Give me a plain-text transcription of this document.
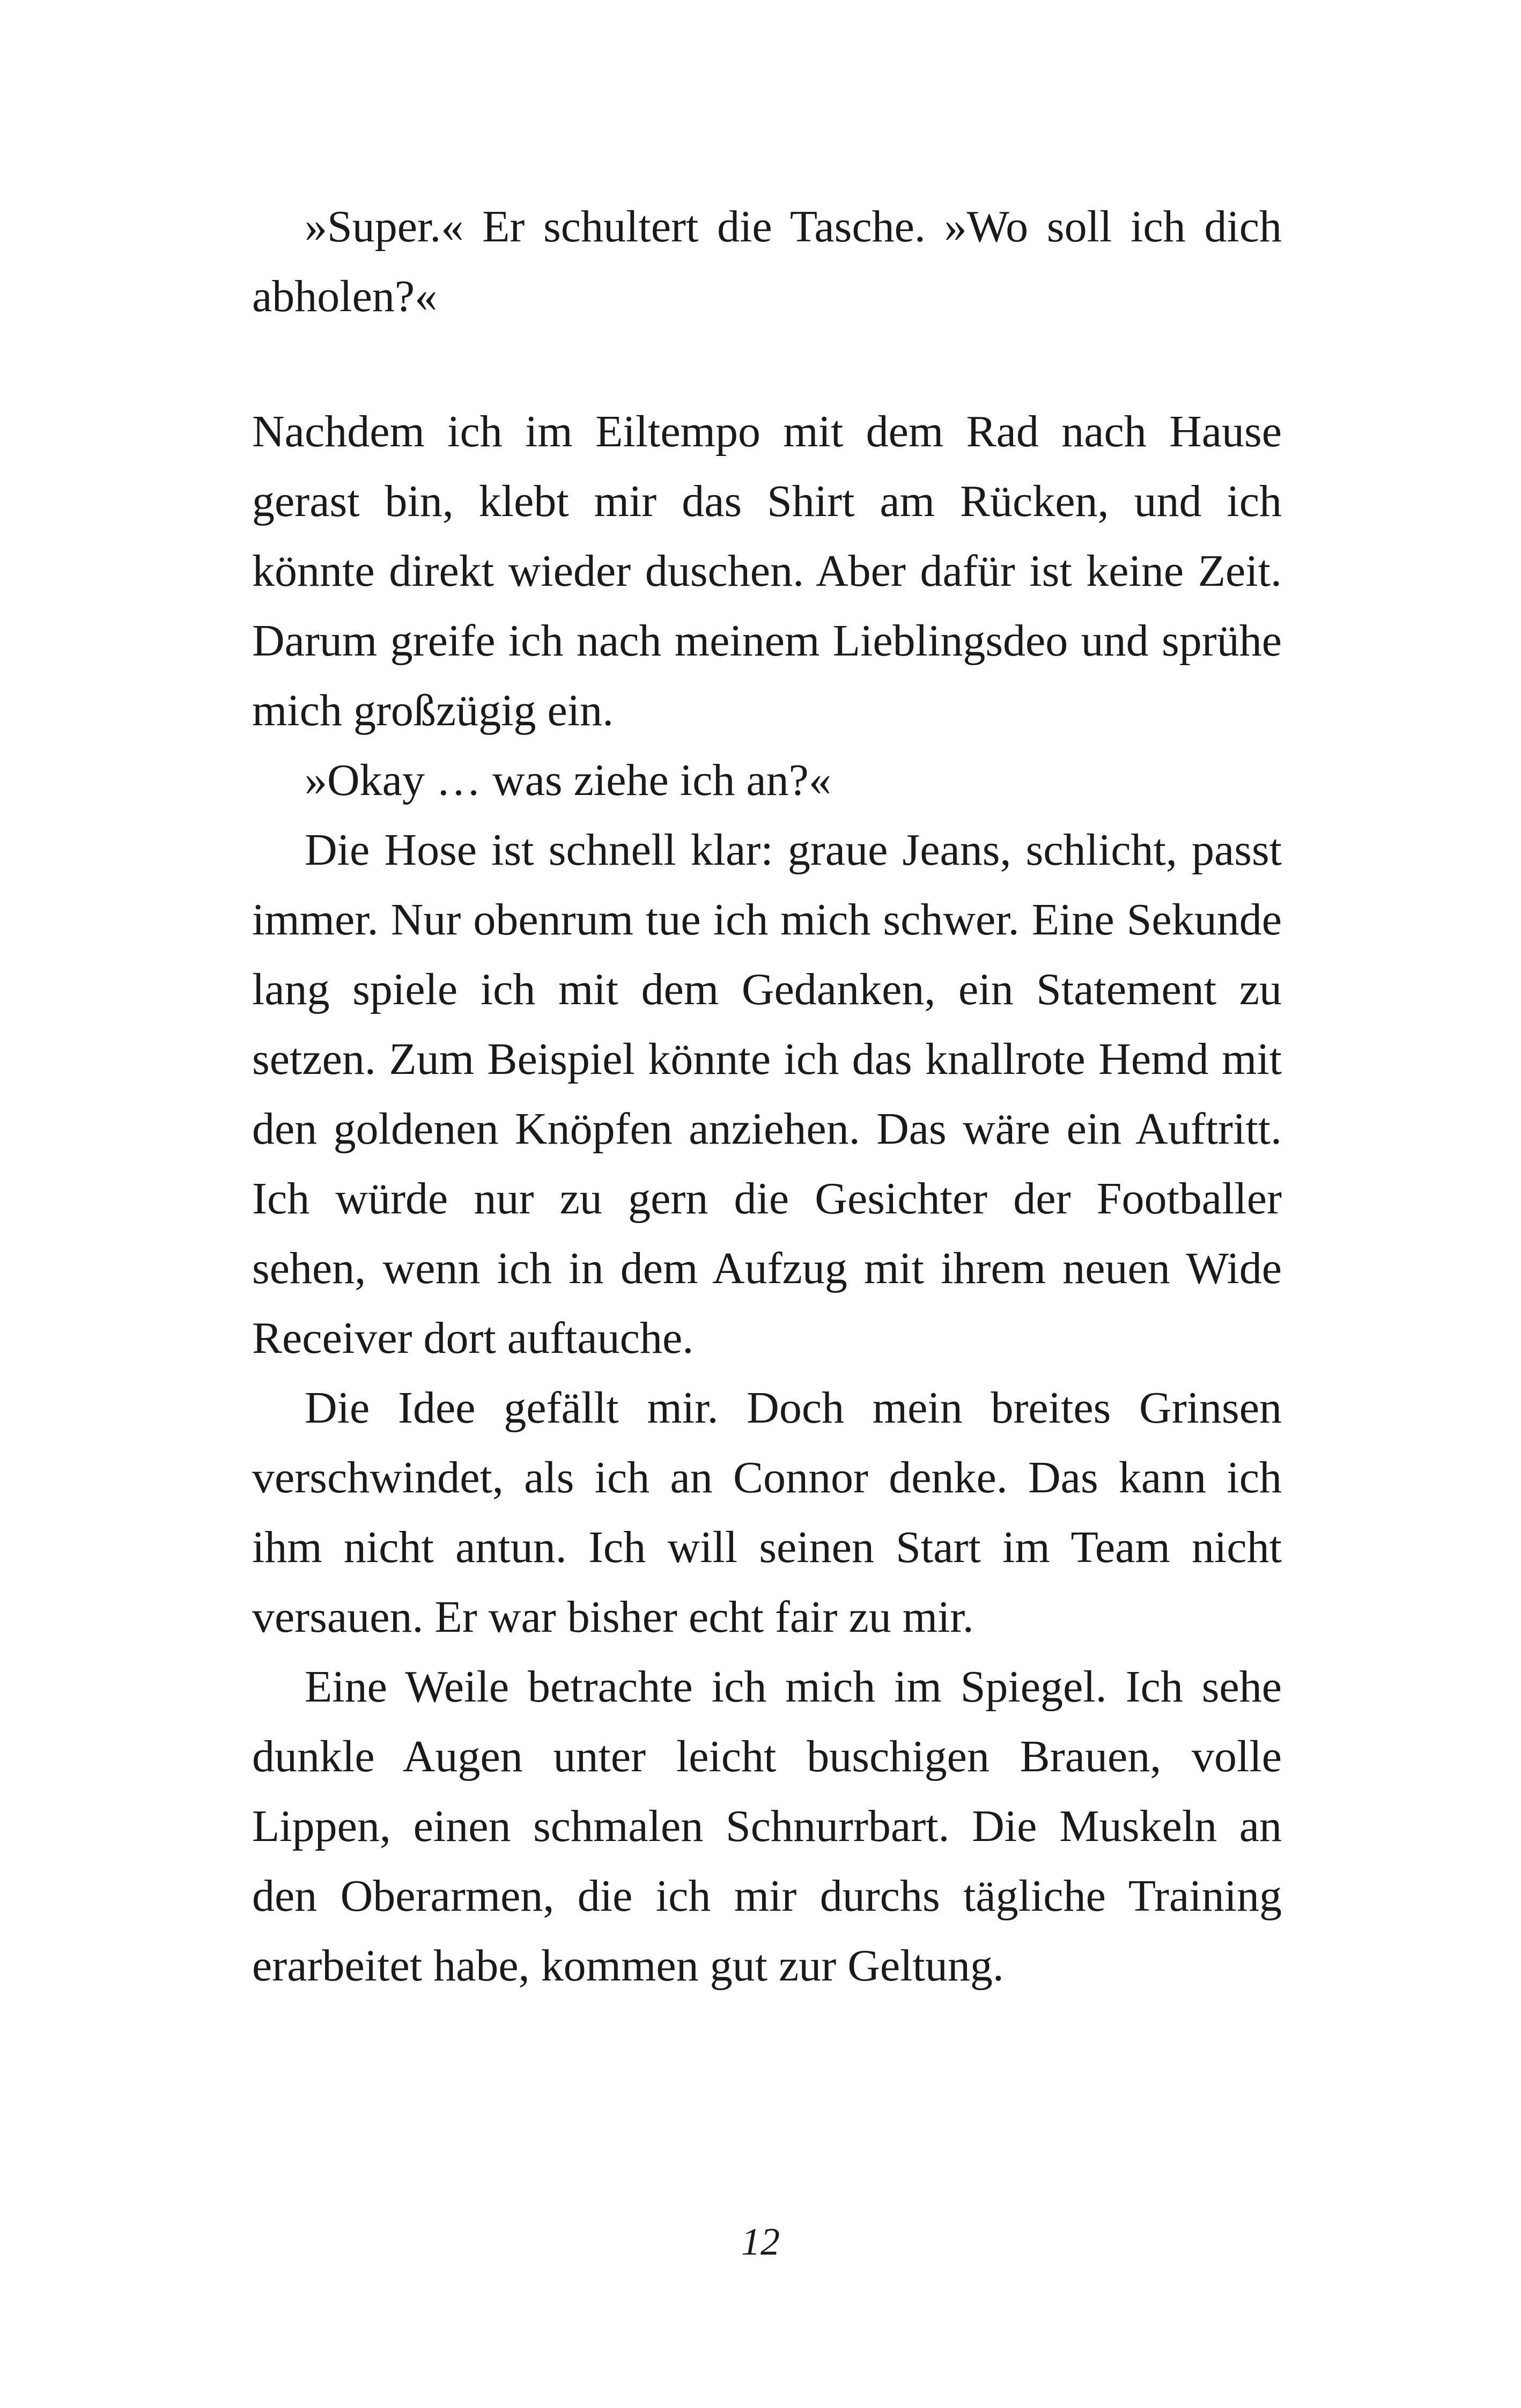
»Super.« Er schultert die Tasche. »Wo soll ich dich abholen?«

Nachdem ich im Eiltempo mit dem Rad nach Hause gerast bin, klebt mir das Shirt am Rücken, und ich könnte direkt wieder duschen. Aber dafür ist keine Zeit. Darum greife ich nach meinem Lieblingsdeo und sprühe mich großzügig ein.

»Okay … was ziehe ich an?«

Die Hose ist schnell klar: graue Jeans, schlicht, passt immer. Nur obenrum tue ich mich schwer. Eine Sekunde lang spiele ich mit dem Gedanken, ein Statement zu setzen. Zum Beispiel könnte ich das knallrote Hemd mit den goldenen Knöpfen anziehen. Das wäre ein Auftritt. Ich würde nur zu gern die Gesichter der Footballer sehen, wenn ich in dem Aufzug mit ihrem neuen Wide Receiver dort auftauche.

Die Idee gefällt mir. Doch mein breites Grinsen verschwindet, als ich an Connor denke. Das kann ich ihm nicht antun. Ich will seinen Start im Team nicht versauen. Er war bisher echt fair zu mir.

Eine Weile betrachte ich mich im Spiegel. Ich sehe dunkle Augen unter leicht buschigen Brauen, volle Lippen, einen schmalen Schnurrbart. Die Muskeln an den Oberarmen, die ich mir durchs tägliche Training erarbeitet habe, kommen gut zur Geltung.

12
